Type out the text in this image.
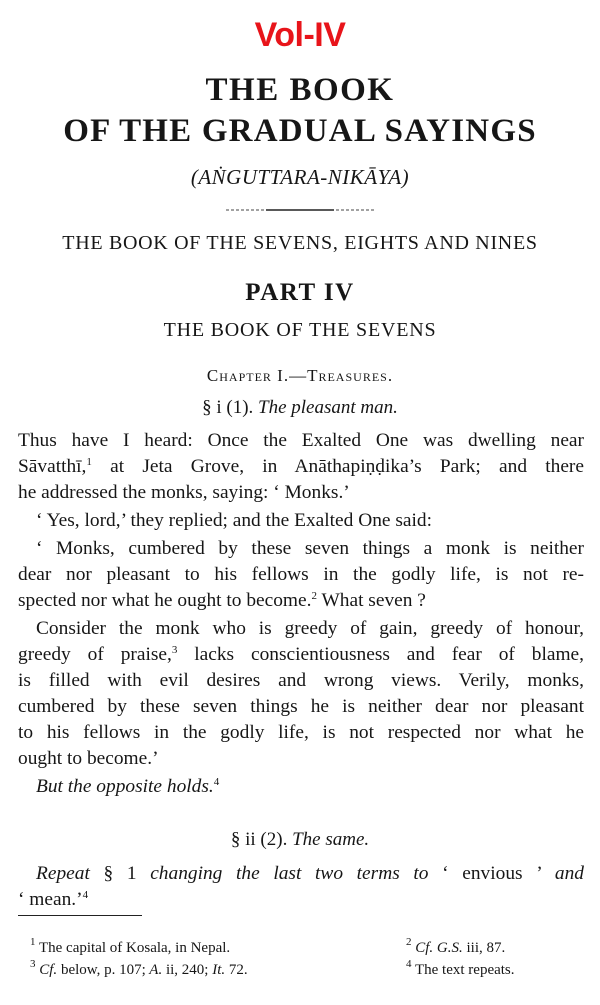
Vol-IV
THE BOOK
OF THE GRADUAL SAYINGS
(AṄGUTTARA-NIKĀYA)
THE BOOK OF THE SEVENS, EIGHTS AND NINES
PART IV
THE BOOK OF THE SEVENS
Chapter I.—Treasures.
§ i (1). The pleasant man.
Thus have I heard: Once the Exalted One was dwelling near
Sāvatthī,$^1$ at Jeta Grove, in Anāthapiṇḍika’s Park; and there
he addressed the monks, saying: ‘ Monks.’
‘ Yes, lord,’ they replied; and the Exalted One said:
‘ Monks, cumbered by these seven things a monk is neither
dear nor pleasant to his fellows in the godly life, is not re-
spected nor what he ought to become.$^2$ What seven ?
Consider the monk who is greedy of gain, greedy of honour,
greedy of praise,$^3$ lacks conscientiousness and fear of blame,
is filled with evil desires and wrong views. Verily, monks,
cumbered by these seven things he is neither dear nor pleasant
to his fellows in the godly life, is not respected nor what he
ought to become.’
But the opposite holds.$^4$
§ ii (2). The same.
Repeat § 1 changing the last two terms to ‘ envious ’ and
‘ mean.’$^4$
$^1$ The capital of Kosala, in Nepal.	$^2$ Cf. G.S. iii, 87.
$^3$ Cf. below, p. 107; A. ii, 240; It. 72.	$^4$ The text repeats.
